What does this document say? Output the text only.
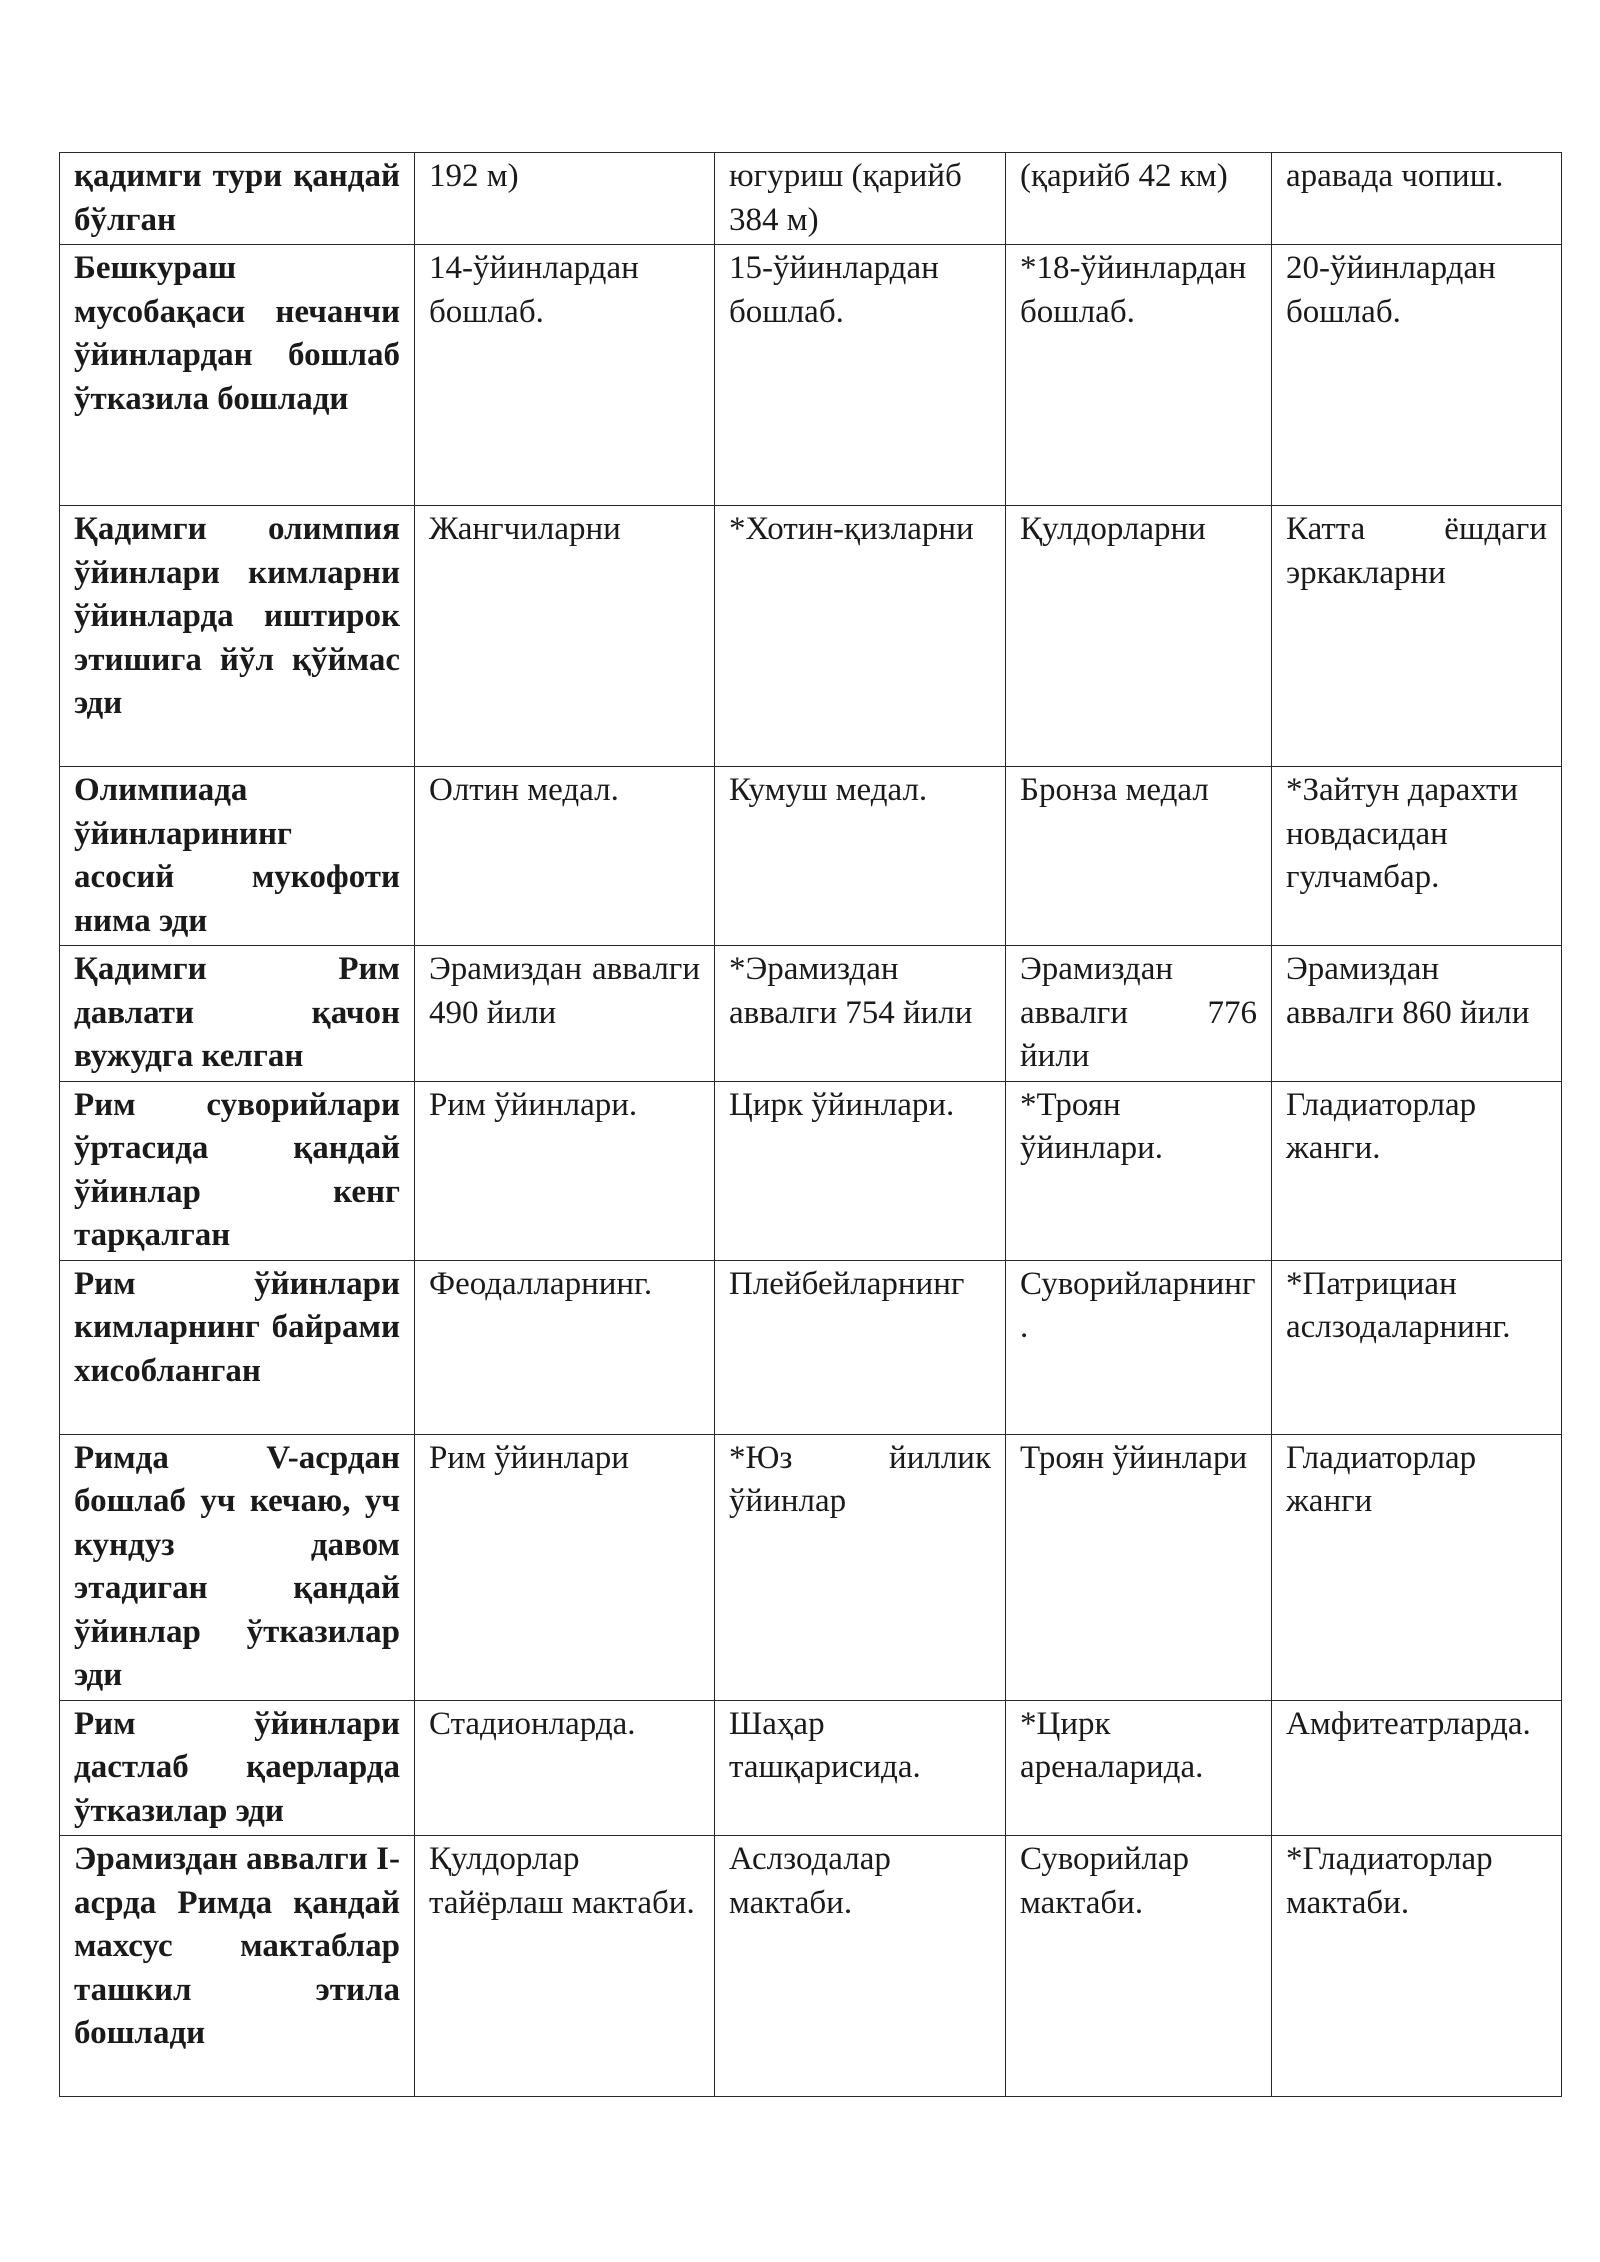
қадимги тури қандай бўлган	192 м)	югуриш (қарийб 384 м)	(қарийб 42 км)	аравада чопиш.
Бешкураш мусобақаси нечанчи ўйинлардан бошлаб ўтказила бошлади	14-ўйинлардан бошлаб.	15-ўйинлардан бошлаб.	*18-ўйинлардан бошлаб.	20-ўйинлардан бошлаб.
Қадимги олимпия ўйинлари кимларни ўйинларда иштирок этишига йўл қўймас эди	Жангчиларни	*Хотин-қизларни	Қулдорларни	Катта ёшдаги эркакларни
Олимпиада ўйинларининг асосий мукофоти нима эди	Олтин медал.	Кумуш медал.	Бронза медал	*Зайтун дарахти новдасидан гулчамбар.
Қадимги Рим давлати қачон вужудга келган	Эрамиздан аввалги 490 йили	*Эрамиздан аввалги 754 йили	Эрамиздан аввалги 776 йили	Эрамиздан аввалги 860 йили
Рим суворийлари ўртасида қандай ўйинлар кенг тарқалган	Рим ўйинлари.	Цирк ўйинлари.	*Троян ўйинлари.	Гладиаторлар жанги.
Рим ўйинлари кимларнинг байрами хисобланган	Феодалларнинг.	Плейбейларнинг	Суворийларнинг.	*Патрициан аслзодаларнинг.
Римда V-асрдан бошлаб уч кечаю, уч кундуз давом этадиган қандай ўйинлар ўтказилар эди	Рим ўйинлари	*Юз йиллик ўйинлар	Троян ўйинлари	Гладиаторлар жанги
Рим ўйинлари дастлаб қаерларда ўтказилар эди	Стадионларда.	Шаҳар ташқарисида.	*Цирк ареналарида.	Амфитеатрларда.
Эрамиздан аввалги I-асрда Римда қандай махсус мактаблар ташкил этила бошлади	Қулдорлар тайёрлаш мактаби.	Аслзодалар мактаби.	Суворийлар мактаби.	*Гладиаторлар мактаби.
